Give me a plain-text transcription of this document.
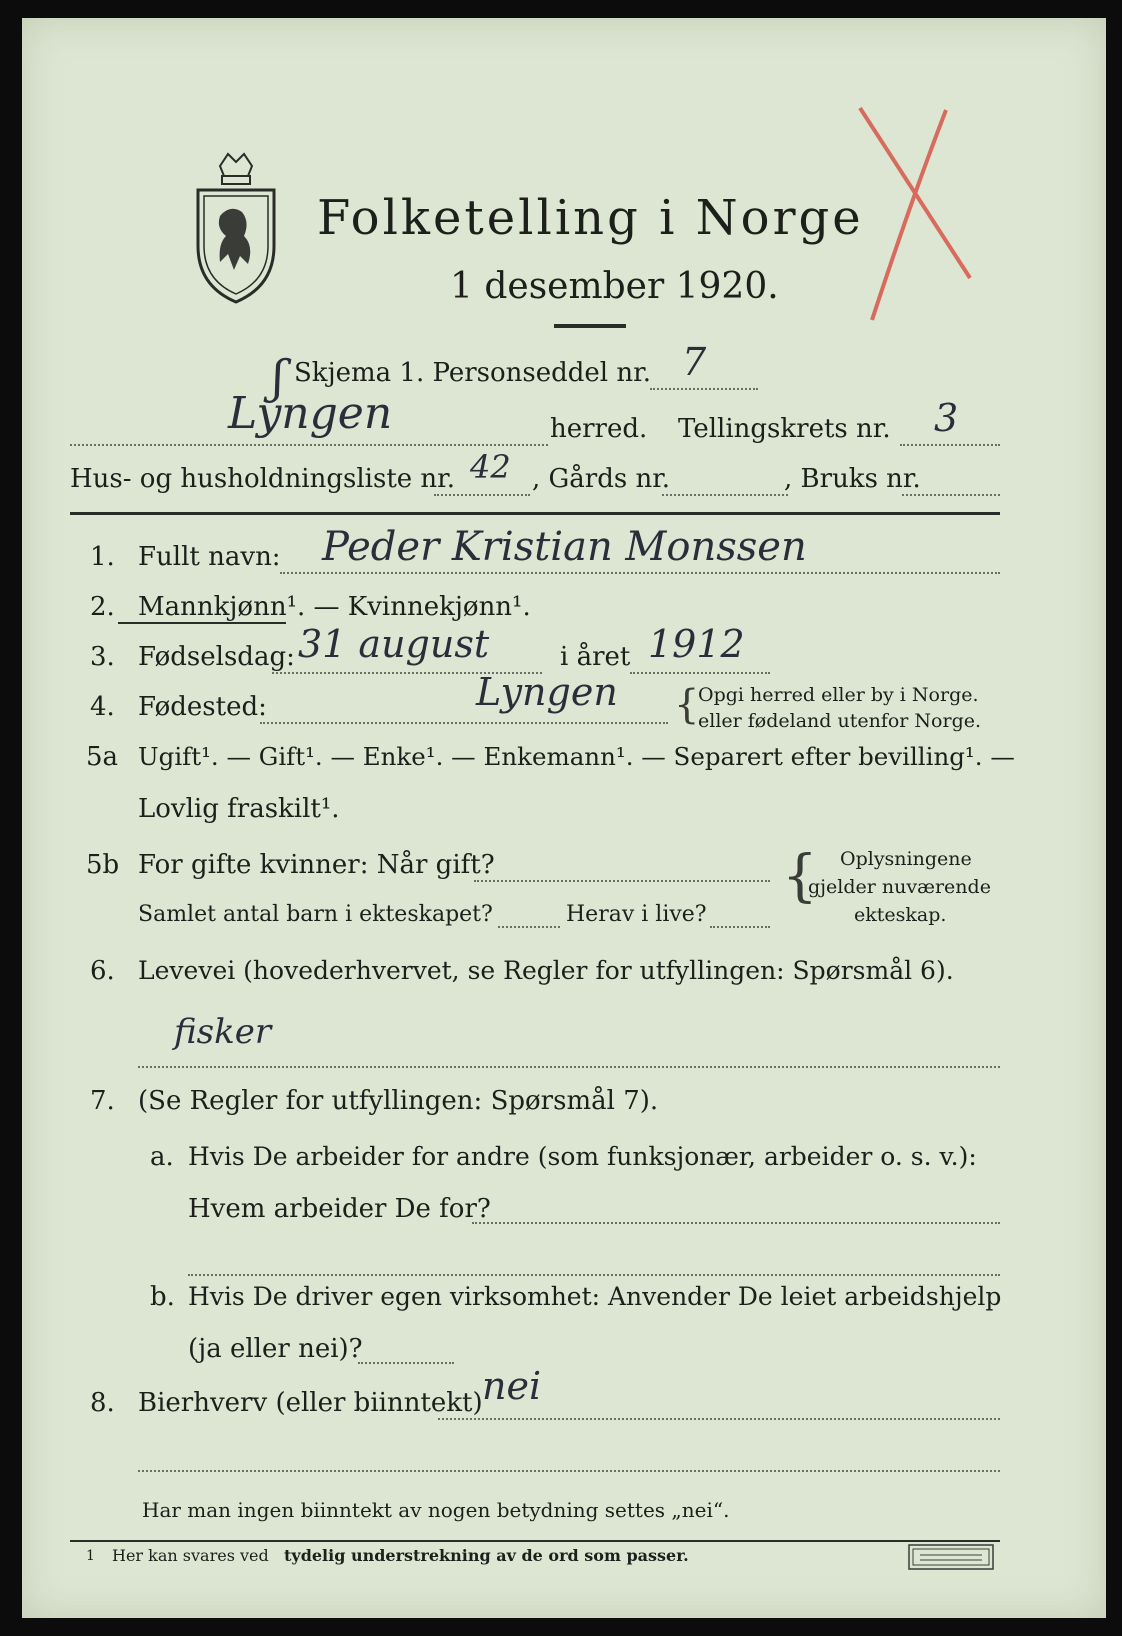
Folketelling i Norge
1 desember 1920.
ʃ Skjema 1. Personseddel nr. 7
Lyngen	herred. Tellingskrets nr. 3
Hus- og husholdningsliste nr. 42 , Gårds nr.	, Bruks nr.
1. Fullt navn: Peder Kristian Monssen
2. Mannkjønn¹. — Kvinnekjønn¹.
3. Fødselsdag: 31 august	i året 1912
4. Fødested:	Lyngen {
Opgi herred eller by i Norge.
eller fødeland utenfor Norge.
5a Ugift¹. — Gift¹. — Enke¹. — Enkemann¹. — Separert efter bevilling¹. —
Lovlig fraskilt¹.
5b For gifte kvinner: Når gift?
Samlet antal barn i ekteskapet?	Herav i live?
{ Oplysningene
gjelder nuværende
ekteskap.
6. Levevei (hovederhvervet, se Regler for utfyllingen: Spørsmål 6).
fisker
7. (Se Regler for utfyllingen: Spørsmål 7).
a. Hvis De arbeider for andre (som funksjonær, arbeider o. s. v.):
Hvem arbeider De for?
b. Hvis De driver egen virksomhet: Anvender De leiet arbeidshjelp
(ja eller nei)?
8. Bierhverv (eller biinntekt) nei
Har man ingen biinntekt av nogen betydning settes „nei“.
1 Her kan svares ved tydelig understrekning av de ord som passer.
